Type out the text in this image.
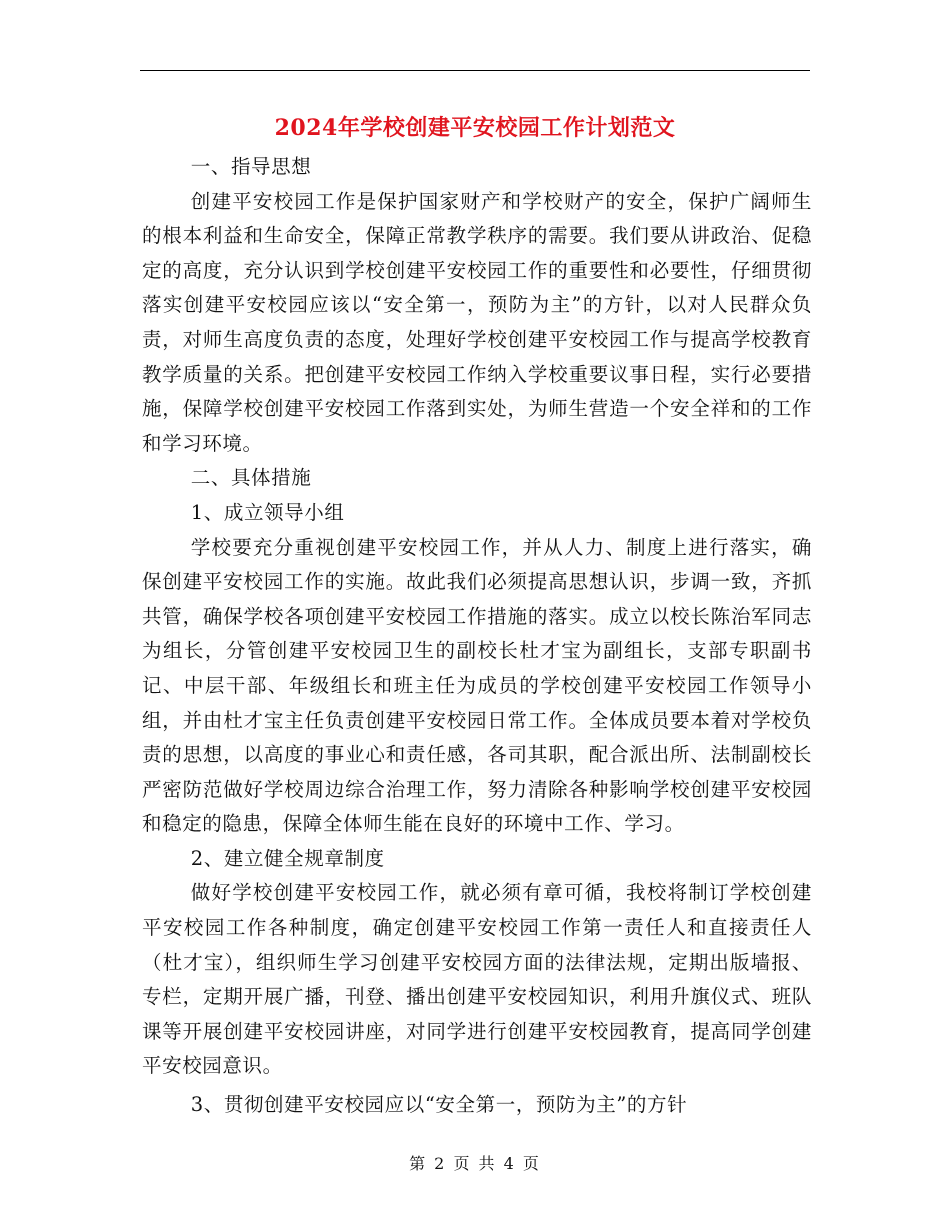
2024年学校创建平安校园工作计划范文

一、指导思想

创建平安校园工作是保护国家财产和学校财产的安全，保护广阔师生的根本利益和生命安全，保障正常教学秩序的需要。我们要从讲政治、促稳定的高度，充分认识到学校创建平安校园工作的重要性和必要性，仔细贯彻落实创建平安校园应该以“安全第一，预防为主”的方针，以对人民群众负责，对师生高度负责的态度，处理好学校创建平安校园工作与提高学校教育教学质量的关系。把创建平安校园工作纳入学校重要议事日程，实行必要措施，保障学校创建平安校园工作落到实处，为师生营造一个安全祥和的工作和学习环境。

二、具体措施

1、成立领导小组

学校要充分重视创建平安校园工作，并从人力、制度上进行落实，确保创建平安校园工作的实施。故此我们必须提高思想认识，步调一致，齐抓共管，确保学校各项创建平安校园工作措施的落实。成立以校长陈治军同志为组长，分管创建平安校园卫生的副校长杜才宝为副组长，支部专职副书记、中层干部、年级组长和班主任为成员的学校创建平安校园工作领导小组，并由杜才宝主任负责创建平安校园日常工作。全体成员要本着对学校负责的思想，以高度的事业心和责任感，各司其职，配合派出所、法制副校长严密防范做好学校周边综合治理工作，努力清除各种影响学校创建平安校园和稳定的隐患，保障全体师生能在良好的环境中工作、学习。

2、建立健全规章制度

做好学校创建平安校园工作，就必须有章可循，我校将制订学校创建平安校园工作各种制度，确定创建平安校园工作第一责任人和直接责任人（杜才宝），组织师生学习创建平安校园方面的法律法规，定期出版墙报、专栏，定期开展广播，刊登、播出创建平安校园知识，利用升旗仪式、班队课等开展创建平安校园讲座，对同学进行创建平安校园教育，提高同学创建平安校园意识。

3、贯彻创建平安校园应以“安全第一，预防为主”的方针

第 2 页 共 4 页
